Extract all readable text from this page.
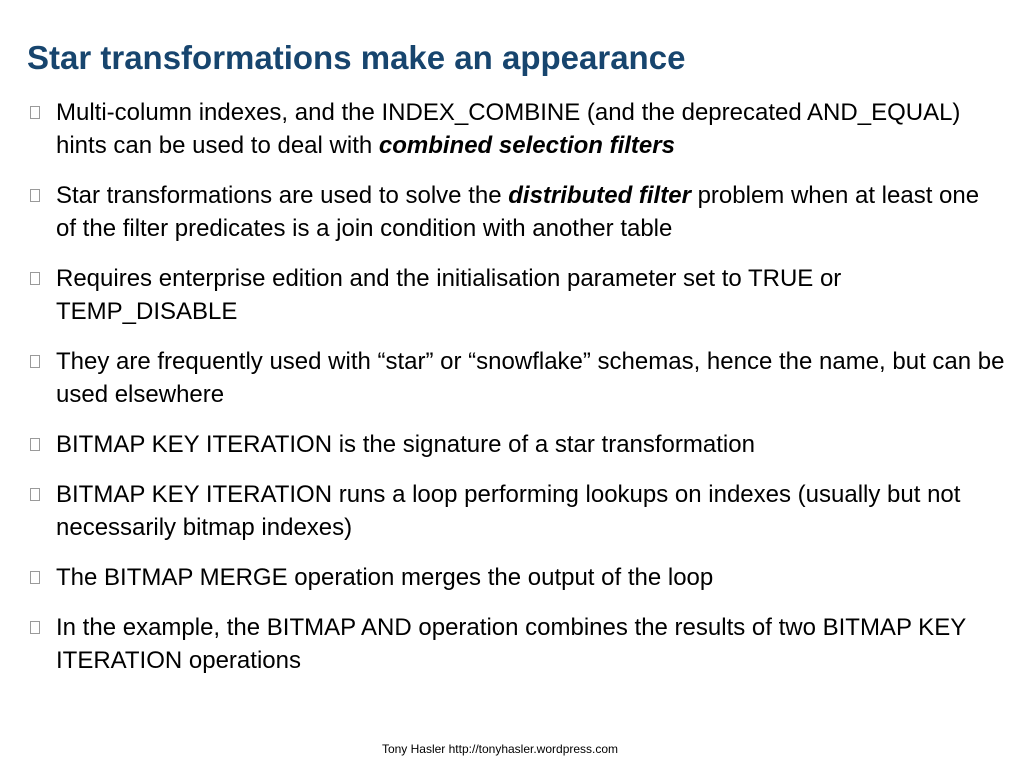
Star transformations make an appearance
Multi-column indexes, and the INDEX_COMBINE (and the deprecated AND_EQUAL) hints can be used to deal with combined selection filters
Star transformations are used to solve the distributed filter problem when at least one of the filter predicates is a join condition with another table
Requires enterprise edition and the initialisation parameter set to TRUE or TEMP_DISABLE
They are frequently used with “star” or “snowflake” schemas, hence the name, but can be used elsewhere
BITMAP KEY ITERATION is the signature of a star transformation
BITMAP KEY ITERATION runs a loop performing lookups on indexes (usually but not necessarily bitmap indexes)
The BITMAP MERGE operation merges the output of the loop
In the example, the BITMAP AND operation combines the results of two BITMAP KEY ITERATION operations
Tony Hasler http://tonyhasler.wordpress.com
